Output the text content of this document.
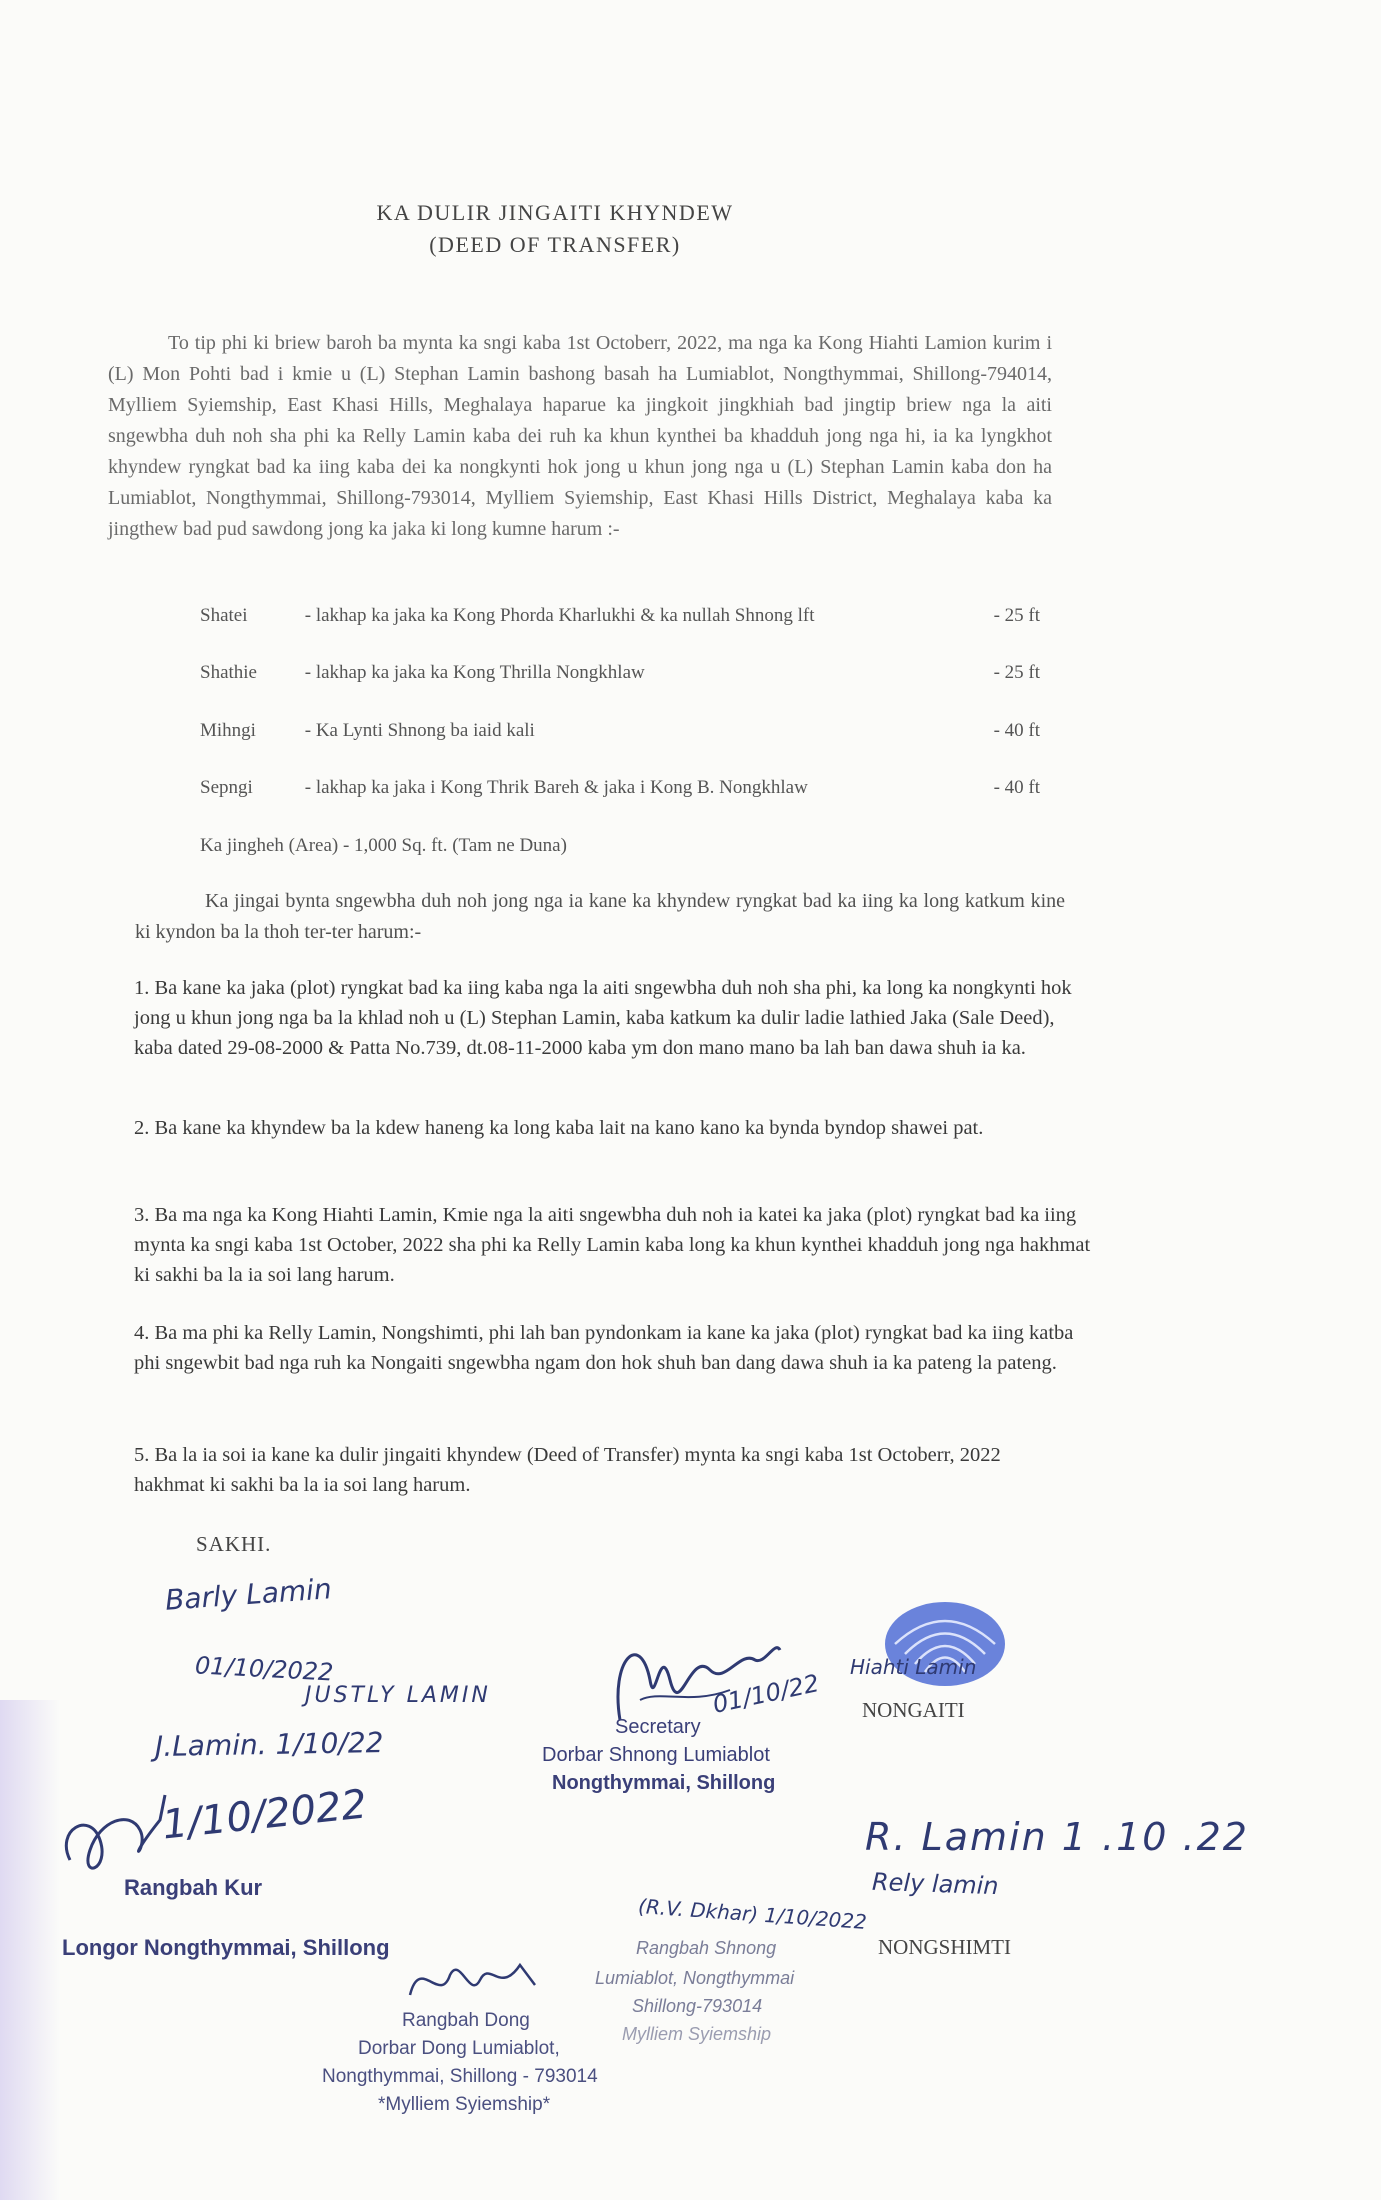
KA DULIR JINGAITI KHYNDEW
(DEED OF TRANSFER)
To tip phi ki briew baroh ba mynta ka sngi kaba 1st Octoberr, 2022, ma nga ka Kong Hiahti Lamion kurim i (L) Mon Pohti bad i kmie u (L) Stephan Lamin bashong basah ha Lumiablot, Nongthymmai, Shillong-794014, Mylliem Syiemship, East Khasi Hills, Meghalaya haparue ka jingkoit jingkhiah bad jingtip briew nga la aiti sngewbha duh noh sha phi ka Relly Lamin kaba dei ruh ka khun kynthei ba khadduh jong nga hi, ia ka lyngkhot khyndew ryngkat bad ka iing kaba dei ka nongkynti hok jong u khun jong nga u (L) Stephan Lamin kaba don ha Lumiablot, Nongthymmai, Shillong-793014, Mylliem Syiemship, East Khasi Hills District, Meghalaya kaba ka jingthew bad pud sawdong jong ka jaka ki long kumne harum :-
Shatei	- lakhap ka jaka ka Kong Phorda Kharlukhi & ka nullah Shnong lft	- 25 ft
Shathie	- lakhap ka jaka ka Kong Thrilla Nongkhlaw	- 25 ft
Mihngi	- Ka Lynti Shnong ba iaid kali	- 40 ft
Sepngi	- lakhap ka jaka i Kong Thrik Bareh & jaka i Kong B. Nongkhlaw	- 40 ft
Ka jingheh (Area) - 1,000 Sq. ft. (Tam ne Duna)
Ka jingai bynta sngewbha duh noh jong nga ia kane ka khyndew ryngkat bad ka iing ka long katkum kine ki kyndon ba la thoh ter-ter harum:-
1. Ba kane ka jaka (plot) ryngkat bad ka iing kaba nga la aiti sngewbha duh noh sha phi, ka long ka nongkynti hok jong u khun jong nga ba la khlad noh u (L) Stephan Lamin, kaba katkum ka dulir ladie lathied Jaka (Sale Deed), kaba dated 29-08-2000 & Patta No.739, dt.08-11-2000 kaba ym don mano mano ba lah ban dawa shuh ia ka.
2. Ba kane ka khyndew ba la kdew haneng ka long kaba lait na kano kano ka bynda byndop shawei pat.
3. Ba ma nga ka Kong Hiahti Lamin, Kmie nga la aiti sngewbha duh noh ia katei ka jaka (plot) ryngkat bad ka iing mynta ka sngi kaba 1st October, 2022 sha phi ka Relly Lamin kaba long ka khun kynthei khadduh jong nga hakhmat ki sakhi ba la ia soi lang harum.
4. Ba ma phi ka Relly Lamin, Nongshimti, phi lah ban pyndonkam ia kane ka jaka (plot) ryngkat bad ka iing katba phi sngewbit bad nga ruh ka Nongaiti sngewbha ngam don hok shuh ban dang dawa shuh ia ka pateng la pateng.
5. Ba la ia soi ia kane ka dulir jingaiti khyndew (Deed of Transfer) mynta ka sngi kaba 1st Octoberr, 2022 hakhmat ki sakhi ba la ia soi lang harum.
SAKHI.
Barly Lamin
01/10/2022
JUSTLY LAMIN
J.Lamin. 1/10/22
01/10/22
Secretary
Dorbar Shnong Lumiablot
Nongthymmai, Shillong
Hiahti Lamin
NONGAITI
1/10/2022
Rangbah Kur
Longor Nongthymmai, Shillong
R. Lamin 1 .10 .22
Rely lamin
NONGSHIMTI
(R.V. Dkhar) 1/10/2022
Rangbah Shnong
Lumiablot, Nongthymmai
Shillong-793014
Mylliem Syiemship
Rangbah Dong
Dorbar Dong Lumiablot,
Nongthymmai, Shillong - 793014
*Mylliem Syiemship*
